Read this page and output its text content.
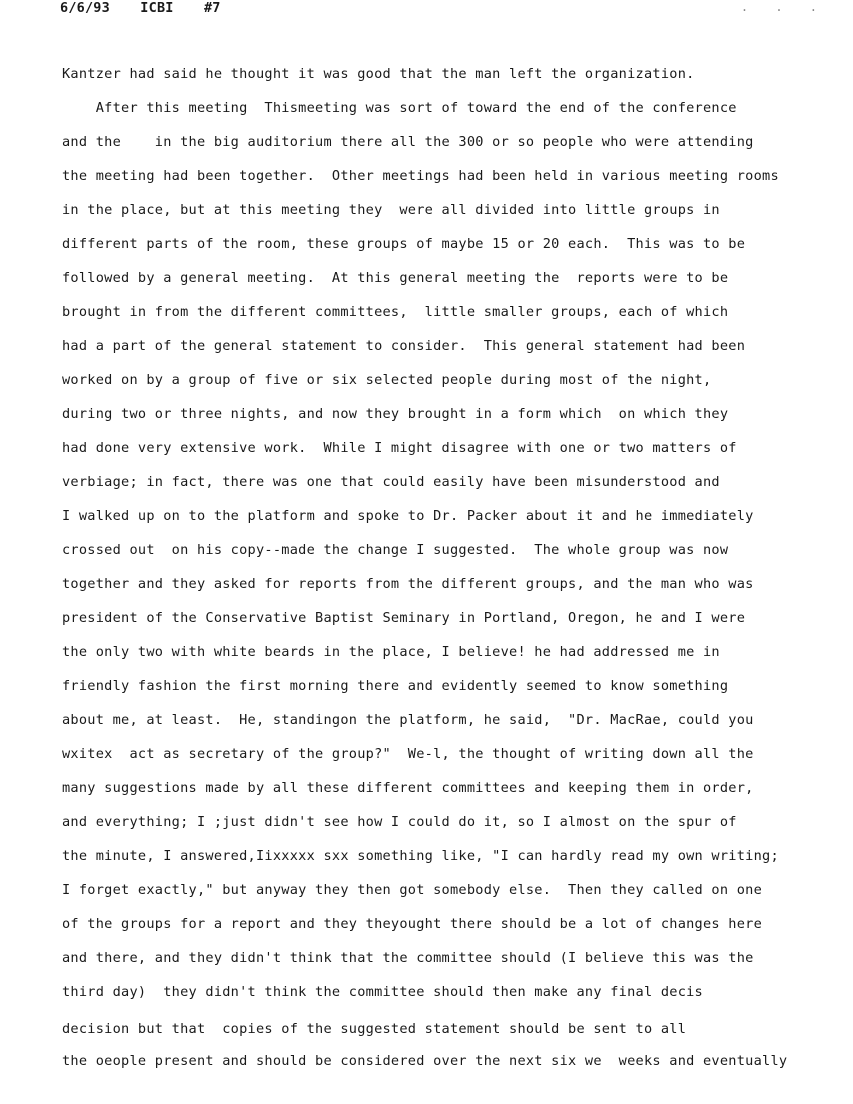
6/6/93 ICBI #7	. . .
Kantzer had said he thought it was good that the man left the organization.
After this meeting  Thismeeting was sort of toward the end of the conference
and the    in the big auditorium there all the 300 or so people who were attending
the meeting had been together.  Other meetings had been held in various meeting rooms
in the place, but at this meeting they  were all divided into little groups in
different parts of the room, these groups of maybe 15 or 20 each.  This was to be
followed by a general meeting.  At this general meeting the  reports were to be
brought in from the different committees,  little smaller groups, each of which
had a part of the general statement to consider.  This general statement had been
worked on by a group of five or six selected people during most of the night,
during two or three nights, and now they brought in a form which  on which they
had done very extensive work.  While I might disagree with one or two matters of
verbiage; in fact, there was one that could easily have been misunderstood and
I walked up on to the platform and spoke to Dr. Packer about it and he immediately
crossed out  on his copy--made the change I suggested.  The whole group was now
together and they asked for reports from the different groups, and the man who was
president of the Conservative Baptist Seminary in Portland, Oregon, he and I were
the only two with white beards in the place, I believe! he had addressed me in
friendly fashion the first morning there and evidently seemed to know something
about me, at least.  He, standingon the platform, he said,  "Dr. MacRae, could you
wxitex  act as secretary of the group?"  We-l, the thought of writing down all the
many suggestions made by all these different committees and keeping them in order,
and everything; I ;just didn't see how I could do it, so I almost on the spur of
the minute, I answered,Iixxxxx sxx something like, "I can hardly read my own writing;
I forget exactly," but anyway they then got somebody else.  Then they called on one
of the groups for a report and they theyought there should be a lot of changes here
and there, and they didn't think that the committee should (I believe this was the
third day)  they didn't think the committee should then make any final decis
decision but that  copies of the suggested statement should be sent to all
the oeople present and should be considered over the next six we  weeks and eventually
